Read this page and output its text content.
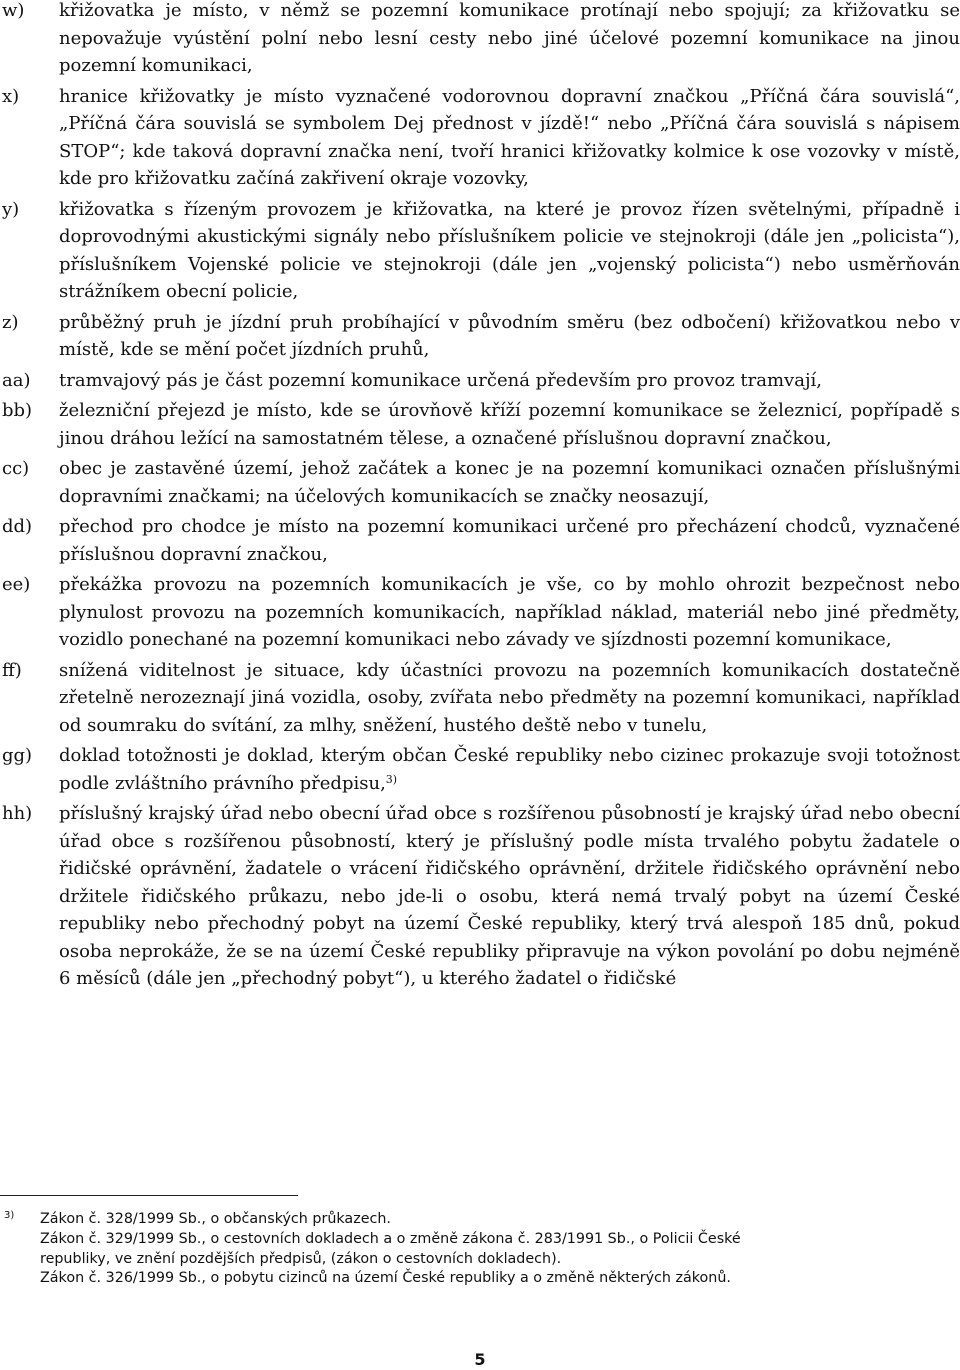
w) křižovatka je místo, v němž se pozemní komunikace protínají nebo spojují; za křižovatku se nepovažuje vyústění polní nebo lesní cesty nebo jiné účelové pozemní komunikace na jinou pozemní komunikaci,
x) hranice křižovatky je místo vyznačené vodorovnou dopravní značkou „Příčná čára souvislá“, „Příčná čára souvislá se symbolem Dej přednost v jízdě!“ nebo „Příčná čára souvislá s nápisem STOP“; kde taková dopravní značka není, tvoří hranici křižovatky kolmice k ose vozovky v místě, kde pro křižovatku začíná zakřivení okraje vozovky,
y) křižovatka s řízeným provozem je křižovatka, na které je provoz řízen světelnými, případně i doprovodnými akustickými signály nebo příslušníkem policie ve stejnokroji (dále jen „policista“), příslušníkem Vojenské policie ve stejnokroji (dále jen „vojenský policista“) nebo usměrňován strážníkem obecní policie,
z) průběžný pruh je jízdní pruh probíhající v původním směru (bez odbočení) křižovatkou nebo v místě, kde se mění počet jízdních pruhů,
aa) tramvajový pás je část pozemní komunikace určená především pro provoz tramvají,
bb) železniční přejezd je místo, kde se úrovňově kříží pozemní komunikace se železnicí, popřípadě s jinou dráhou ležící na samostatném tělese, a označené příslušnou dopravní značkou,
cc) obec je zastavěné území, jehož začátek a konec je na pozemní komunikaci označen příslušnými dopravními značkami; na účelových komunikacích se značky neosazují,
dd) přechod pro chodce je místo na pozemní komunikaci určené pro přecházení chodců, vyznačené příslušnou dopravní značkou,
ee) překážka provozu na pozemních komunikacích je vše, co by mohlo ohrozit bezpečnost nebo plynulost provozu na pozemních komunikacích, například náklad, materiál nebo jiné předměty, vozidlo ponechané na pozemní komunikaci nebo závady ve sjízdnosti pozemní komunikace,
ff) snížená viditelnost je situace, kdy účastníci provozu na pozemních komunikacích dostatečně zřetelně nerozeznají jiná vozidla, osoby, zvířata nebo předměty na pozemní komunikaci, například od soumraku do svítání, za mlhy, sněžení, hustého deště nebo v tunelu,
gg) doklad totožnosti je doklad, kterým občan České republiky nebo cizinec prokazuje svoji totožnost podle zvláštního právního předpisu,$^{3)}$
hh) příslušný krajský úřad nebo obecní úřad obce s rozšířenou působností je krajský úřad nebo obecní úřad obce s rozšířenou působností, který je příslušný podle místa trvalého pobytu žadatele o řidičské oprávnění, žadatele o vrácení řidičského oprávnění, držitele řidičského oprávnění nebo držitele řidičského průkazu, nebo jde-li o osobu, která nemá trvalý pobyt na území České republiky nebo přechodný pobyt na území České republiky, který trvá alespoň 185 dnů, pokud osoba neprokáže, že se na území České republiky připravuje na výkon povolání po dobu nejméně 6 měsíců (dále jen „přechodný pobyt“), u kterého žadatel o řidičské
3) Zákon č. 328/1999 Sb., o občanských průkazech.
Zákon č. 329/1999 Sb., o cestovních dokladech a o změně zákona č. 283/1991 Sb., o Policii České
republiky, ve znění pozdějších předpisů, (zákon o cestovních dokladech).
Zákon č. 326/1999 Sb., o pobytu cizinců na území České republiky a o změně některých zákonů.
5
